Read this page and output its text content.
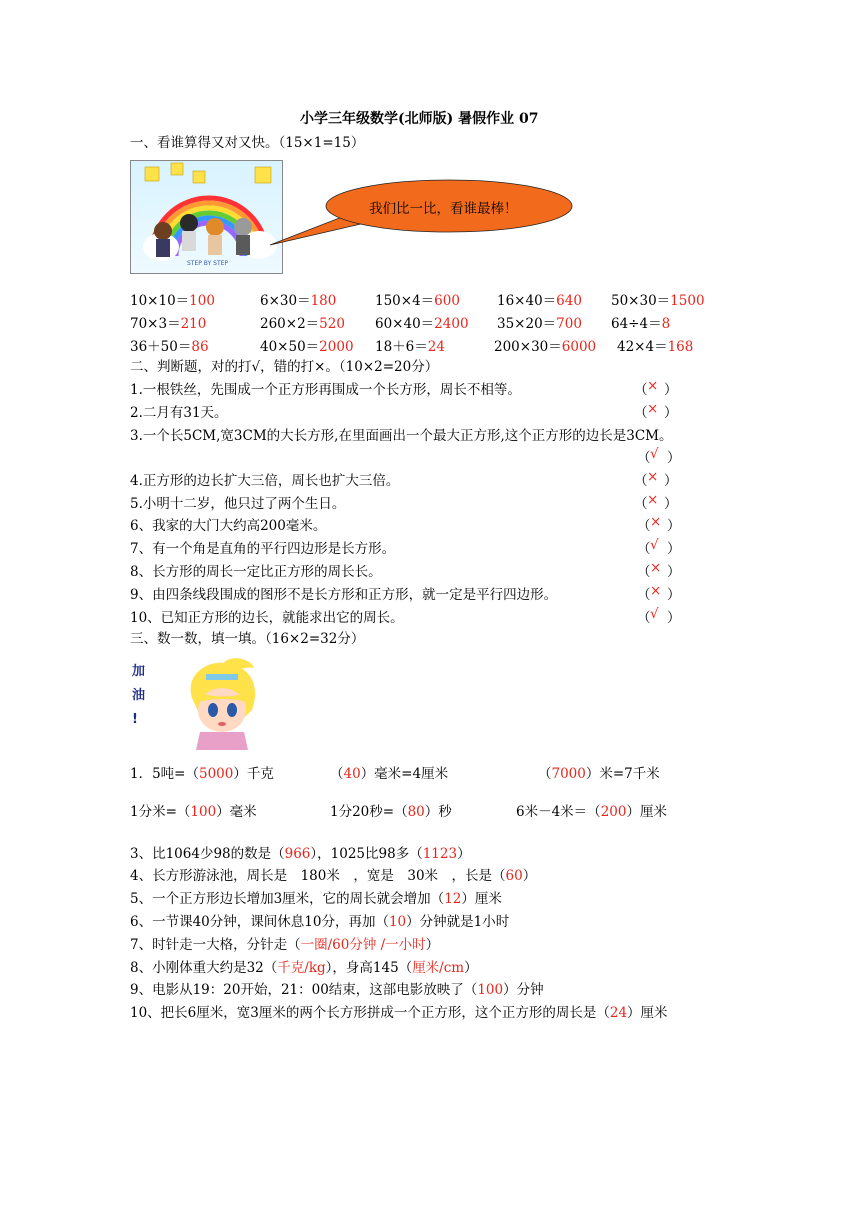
小学三年级数学(北师版) 暑假作业 07
一、看谁算得又对又快。（15×1=15）
STEP BY STEP
我们比一比，看谁最棒！
10×10＝100	6×30＝180	150×4＝600	16×40＝640 50×30＝1500
70×3＝210	260×2＝520 60×40＝2400 35×20＝700 64÷4＝8
36＋50＝86	40×50＝2000 18＋6＝24	200×30＝6000 42×4＝168
二、判断题，对的打√，错的打×。（10×2=20分）
1.一根铁丝，先围成一个正方形再围成一个长方形，周长不相等。	（ × ）
2.二月有31天。	（ × ）
3.一个长5CM,宽3CM的大长方形,在里面画出一个最大正方形,这个正方形的边长是3CM。
（ √ ）
4.正方形的边长扩大三倍，周长也扩大三倍。	（ × ）
5.小明十二岁，他只过了两个生日。	（ × ）
6、我家的大门大约高200毫米。	（ × ）
7、有一个角是直角的平行四边形是长方形。	（ √ ）
8、长方形的周长一定比正方形的周长长。	（ × ）
9、由四条线段围成的图形不是长方形和正方形，就一定是平行四边形。	（ × ）
10、已知正方形的边长，就能求出它的周长。	（ √ ）
三、数一数，填一填。（16×2=32分）
加
油
!
1．5吨=（5000）千克	（40）毫米=4厘米	（7000）米=7千米
1分米=（100）毫米	1分20秒=（80）秒	6米－4米＝（200）厘米
3、比1064少98的数是（966），1025比98多（1123）
4、长方形游泳池，周长是　180米　，宽是　30米　，长是（60）
5、一个正方形边长增加3厘米，它的周长就会增加（12）厘米
6、一节课40分钟，课间休息10分，再加（10）分钟就是1小时
7、时针走一大格，分针走（一圈/60分钟 /一小时）
8、小刚体重大约是32（千克/kg），身高145（厘米/cm）
9、电影从19：20开始，21：00结束，这部电影放映了（100）分钟
10、把长6厘米，宽3厘米的两个长方形拼成一个正方形，这个正方形的周长是（24）厘米
